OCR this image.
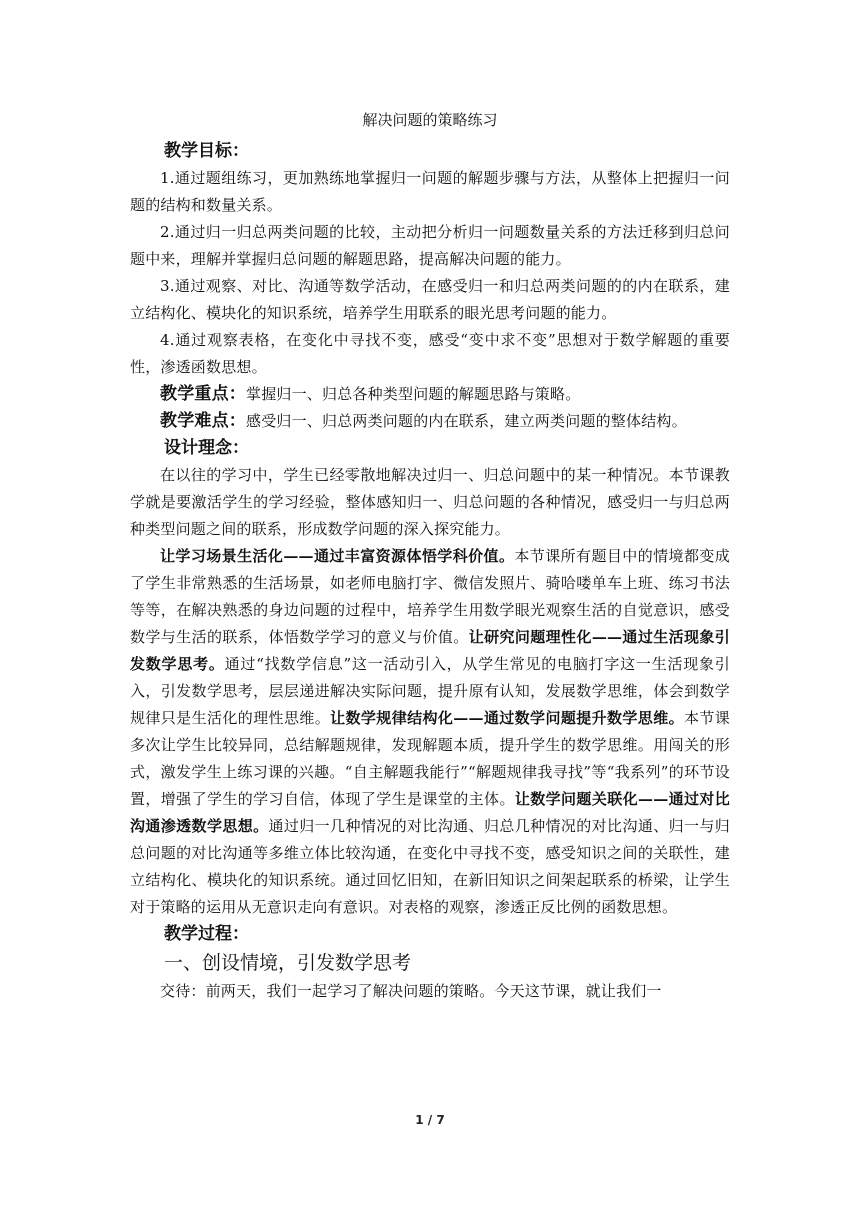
解决问题的策略练习
教学目标：

1.通过题组练习，更加熟练地掌握归一问题的解题步骤与方法，从整体上把握归一问题的结构和数量关系。

2.通过归一归总两类问题的比较，主动把分析归一问题数量关系的方法迁移到归总问题中来，理解并掌握归总问题的解题思路，提高解决问题的能力。

3.通过观察、对比、沟通等数学活动，在感受归一和归总两类问题的的内在联系，建立结构化、模块化的知识系统，培养学生用联系的眼光思考问题的能力。

4.通过观察表格，在变化中寻找不变，感受“变中求不变”思想对于数学解题的重要性，渗透函数思想。

教学重点：掌握归一、归总各种类型问题的解题思路与策略。

教学难点：感受归一、归总两类问题的内在联系，建立两类问题的整体结构。

设计理念：

在以往的学习中，学生已经零散地解决过归一、归总问题中的某一种情况。本节课教学就是要激活学生的学习经验，整体感知归一、归总问题的各种情况，感受归一与归总两种类型问题之间的联系，形成数学问题的深入探究能力。

让学习场景生活化——通过丰富资源体悟学科价值。本节课所有题目中的情境都变成了学生非常熟悉的生活场景，如老师电脑打字、微信发照片、骑哈喽单车上班、练习书法等等，在解决熟悉的身边问题的过程中，培养学生用数学眼光观察生活的自觉意识，感受数学与生活的联系，体悟数学学习的意义与价值。让研究问题理性化——通过生活现象引发数学思考。通过“找数学信息”这一活动引入，从学生常见的电脑打字这一生活现象引入，引发数学思考，层层递进解决实际问题，提升原有认知，发展数学思维，体会到数学规律只是生活化的理性思维。让数学规律结构化——通过数学问题提升数学思维。本节课多次让学生比较异同，总结解题规律，发现解题本质，提升学生的数学思维。用闯关的形式，激发学生上练习课的兴趣。“自主解题我能行”“解题规律我寻找”等“我系列”的环节设置，增强了学生的学习自信，体现了学生是课堂的主体。让数学问题关联化——通过对比沟通渗透数学思想。通过归一几种情况的对比沟通、归总几种情况的对比沟通、归一与归总问题的对比沟通等多维立体比较沟通，在变化中寻找不变，感受知识之间的关联性，建立结构化、模块化的知识系统。通过回忆旧知，在新旧知识之间架起联系的桥梁，让学生对于策略的运用从无意识走向有意识。对表格的观察，渗透正反比例的函数思想。

教学过程：
一、创设情境，引发数学思考

交待：前两天，我们一起学习了解决问题的策略。今天这节课，就让我们一

1 / 7
